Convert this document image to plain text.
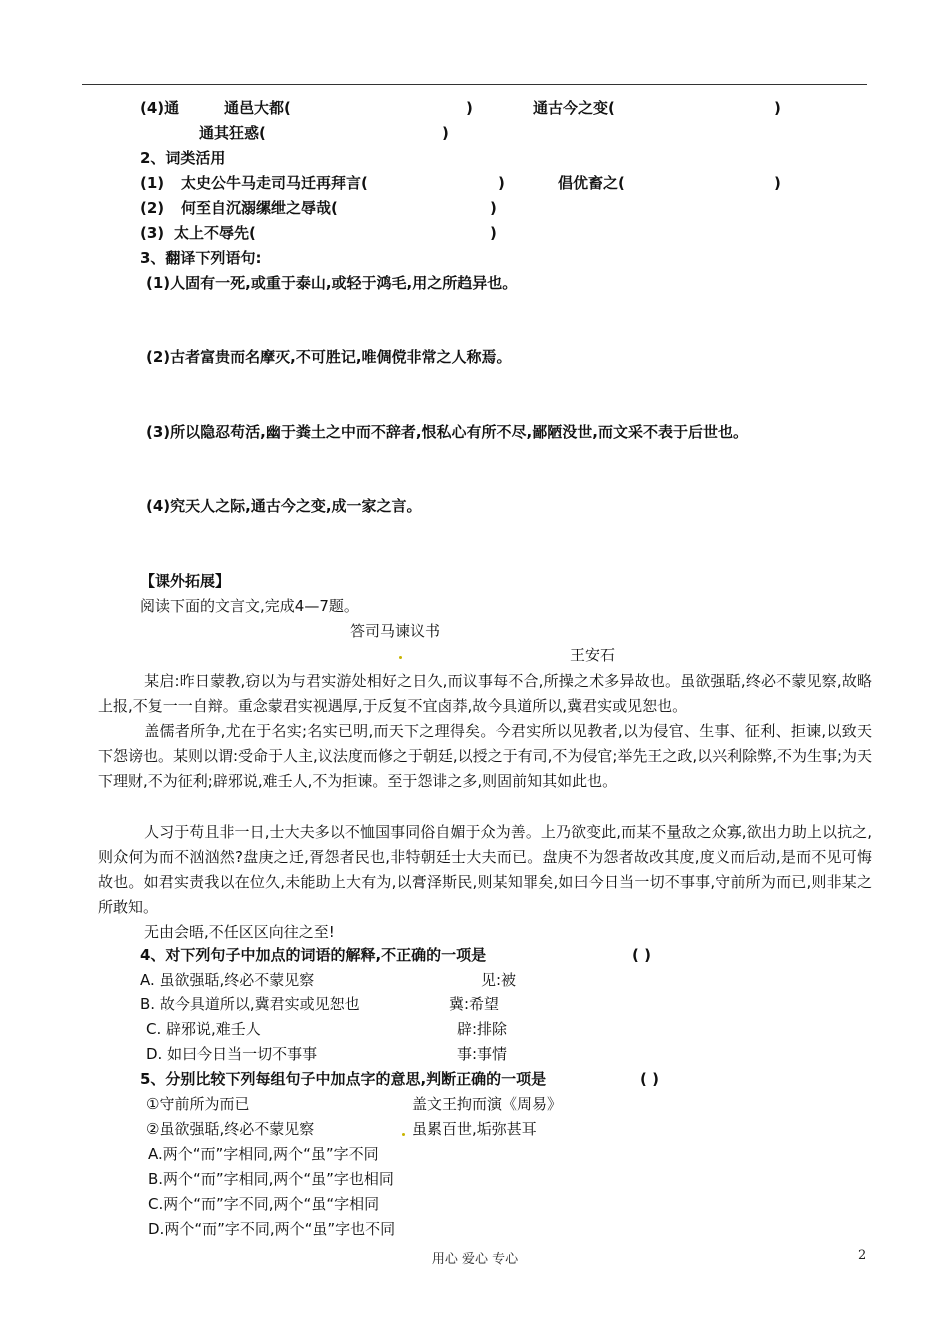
(4)通	通邑大都(	)	通古今之变(	)
通其狂惑(	)
2、词类活用
(1) 太史公牛马走司马迁再拜言(	)	倡优畜之(	)
(2) 何至自沉溺缧绁之辱哉(	)
(3) 太上不辱先(	)
3、翻译下列语句:
(1)人固有一死,或重于泰山,或轻于鸿毛,用之所趋异也。
(2)古者富贵而名摩灭,不可胜记,唯倜傥非常之人称焉。
(3)所以隐忍苟活,幽于粪土之中而不辞者,恨私心有所不尽,鄙陋没世,而文采不表于后世也。
(4)究天人之际,通古今之变,成一家之言。
【课外拓展】
阅读下面的文言文,完成4—7题。
答司马谏议书
王安石
某启:昨日蒙教,窃以为与君实游处相好之日久,而议事每不合,所操之术多异故也。虽欲强聒,终必不蒙见察,故略上报,不复一一自辩。重念蒙君实视遇厚,于反复不宜卤莽,故今具道所以,冀君实或见恕也。
盖儒者所争,尤在于名实;名实已明,而天下之理得矣。今君实所以见教者,以为侵官、生事、征利、拒谏,以致天下怨谤也。某则以谓:受命于人主,议法度而修之于朝廷,以授之于有司,不为侵官;举先王之政,以兴利除弊,不为生事;为天下理财,不为征利;辟邪说,难壬人,不为拒谏。至于怨诽之多,则固前知其如此也。
人习于苟且非一日,士大夫多以不恤国事同俗自媚于众为善。上乃欲变此,而某不量敌之众寡,欲出力助上以抗之,则众何为而不汹汹然?盘庚之迁,胥怨者民也,非特朝廷士大夫而已。盘庚不为怨者故改其度,度义而后动,是而不见可悔故也。如君实责我以在位久,未能助上大有为,以膏泽斯民,则某知罪矣,如曰今日当一切不事事,守前所为而已,则非某之所敢知。
无由会晤,不任区区向往之至!
4、对下列句子中加点的词语的解释,不正确的一项是	( )
A. 虽欲强聒,终必不蒙见察	见:被
B. 故今具道所以,冀君实或见恕也	冀:希望
C. 辟邪说,难壬人	辟:排除
D. 如曰今日当一切不事事	事:事情
5、分别比较下列每组句子中加点字的意思,判断正确的一项是	( )
①守前所为而已	盖文王拘而演《周易》
②虽欲强聒,终必不蒙见察	虽累百世,垢弥甚耳
A.两个“而”字相同,两个“虽”字不同
B.两个“而”字相同,两个“虽”字也相同
C.两个“而”字不同,两个“虽“字相同
D.两个“而”字不同,两个“虽”字也不同
用心 爱心 专心	2
